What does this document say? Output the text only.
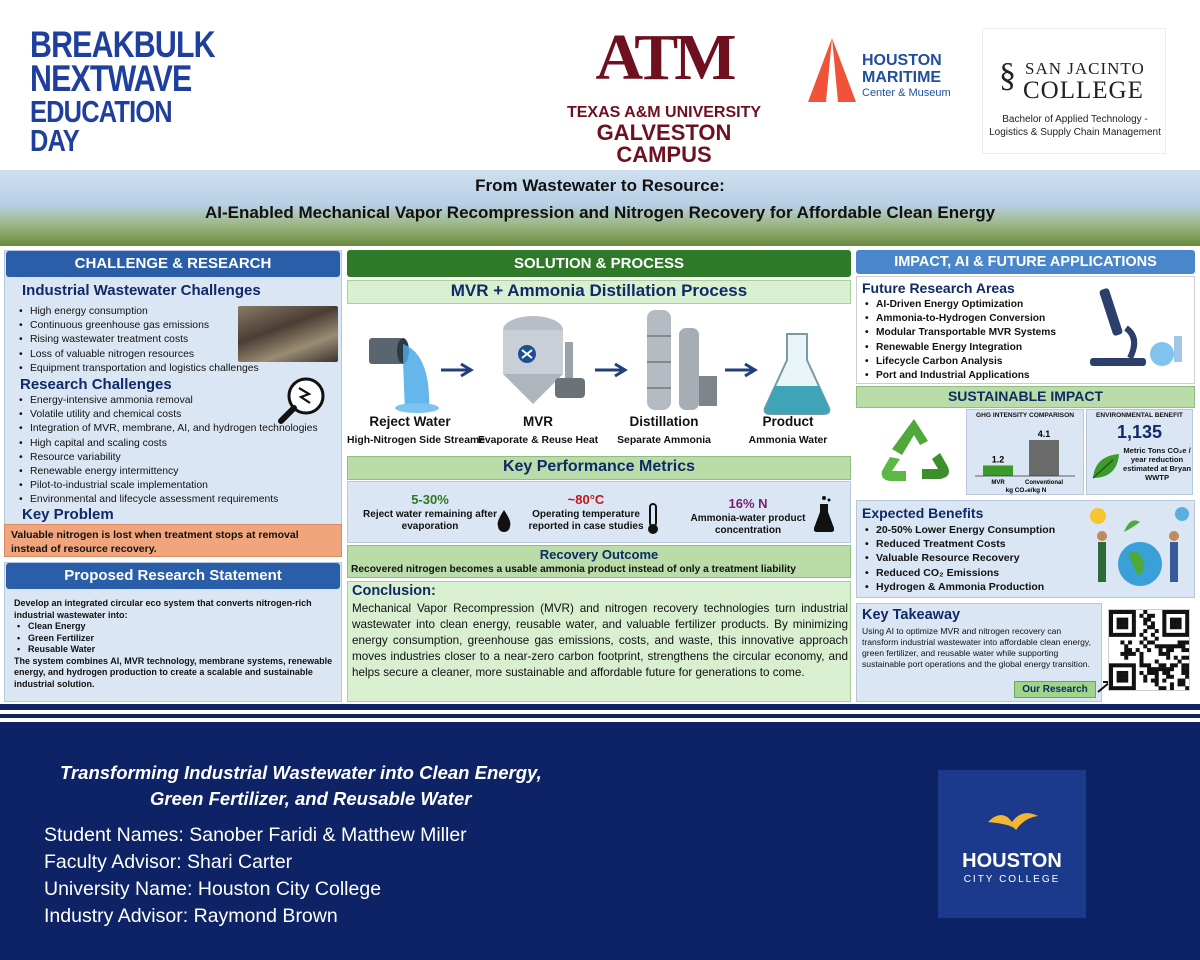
BREAKBULK
NEXTWAVE
EDUCATION DAY
ATM
TEXAS A&M UNIVERSITY
GALVESTON CAMPUS
HOUSTON
MARITIME
Center & Museum § SAN JACINTO
COLLEGE
Bachelor of Applied Technology - Logistics & Supply Chain Management
From Wastewater to Resource:
AI-Enabled Mechanical Vapor Recompression and Nitrogen Recovery for Affordable Clean Energy
CHALLENGE & RESEARCH
Industrial Wastewater Challenges
• High energy consumption
• Continuous greenhouse gas emissions
• Rising wastewater treatment costs
• Loss of valuable nitrogen resources
• Equipment transportation and logistics challenges
Research Challenges
• Energy-intensive ammonia removal
• Volatile utility and chemical costs
• Integration of MVR, membrane, AI, and hydrogen technologies
• High capital and scaling costs
• Resource variability
• Renewable energy intermittency
• Pilot-to-industrial scale implementation
• Environmental and lifecycle assessment requirements
Key Problem
Valuable nitrogen is lost when treatment stops at removal instead of resource recovery.
Proposed Research Statement
Develop an integrated circular eco system that converts nitrogen-rich industrial wastewater into:
• Clean Energy
• Green Fertilizer
• Reusable Water
The system combines AI, MVR technology, membrane systems, renewable energy, and hydrogen production to create a scalable and sustainable industrial solution.
SOLUTION & PROCESS
MVR + Ammonia Distillation Process
Reject Water
High-Nitrogen Side Streame
MVR
Evaporate & Reuse Heat
Distillation
Separate Ammonia
Product
Ammonia Water
Key Performance Metrics
5-30%
Reject water remaining after evaporation
~80°C
Operating temperature reported in case studies
16% N
Ammonia-water product concentration
Recovery Outcome
Recovered nitrogen becomes a usable ammonia product instead of only a treatment liability
Conclusion:
Mechanical Vapor Recompression (MVR) and nitrogen recovery technologies turn industrial wastewater into clean energy, reusable water, and valuable fertilizer products. By minimizing energy consumption, greenhouse gas emissions, costs, and waste, this innovative approach moves industries closer to a near-zero carbon footprint, strengthens the circular economy, and helps secure a cleaner, more sustainable and affordable future for generations to come.
IMPACT, AI & FUTURE APPLICATIONS
Future Research Areas
• AI-Driven Energy Optimization
• Ammonia-to-Hydrogen Conversion
• Modular Transportable MVR Systems
• Renewable Energy Integration
• Lifecycle Carbon Analysis
• Port and Industrial Applications
SUSTAINABLE IMPACT
GHG INTENSITY COMPARISON
1.2
MVR
4.1
Conventional
kg CO₂e/kg N
ENVIRONMENTAL BENEFIT
1,135
Metric Tons CO₂e / year reduction estimated at Bryan WWTP
Expected Benefits
• 20-50% Lower Energy Consumption
• Reduced Treatment Costs
• Valuable Resource Recovery
• Reduced CO₂ Emissions
• Hydrogen & Ammonia Production
Key Takeaway
Using AI to optimize MVR and nitrogen recovery can transform industrial wastewater into affordable clean energy, green fertilizer, and reusable water while supporting sustainable port operations and the global energy transition.
Our Research
Transforming Industrial Wastewater into Clean Energy,
Green Fertilizer, and Reusable Water
Student Names: Sanober Faridi & Matthew Miller
Faculty Advisor: Shari Carter
University Name: Houston City College
Industry Advisor: Raymond Brown
HOUSTON
CITY COLLEGE
